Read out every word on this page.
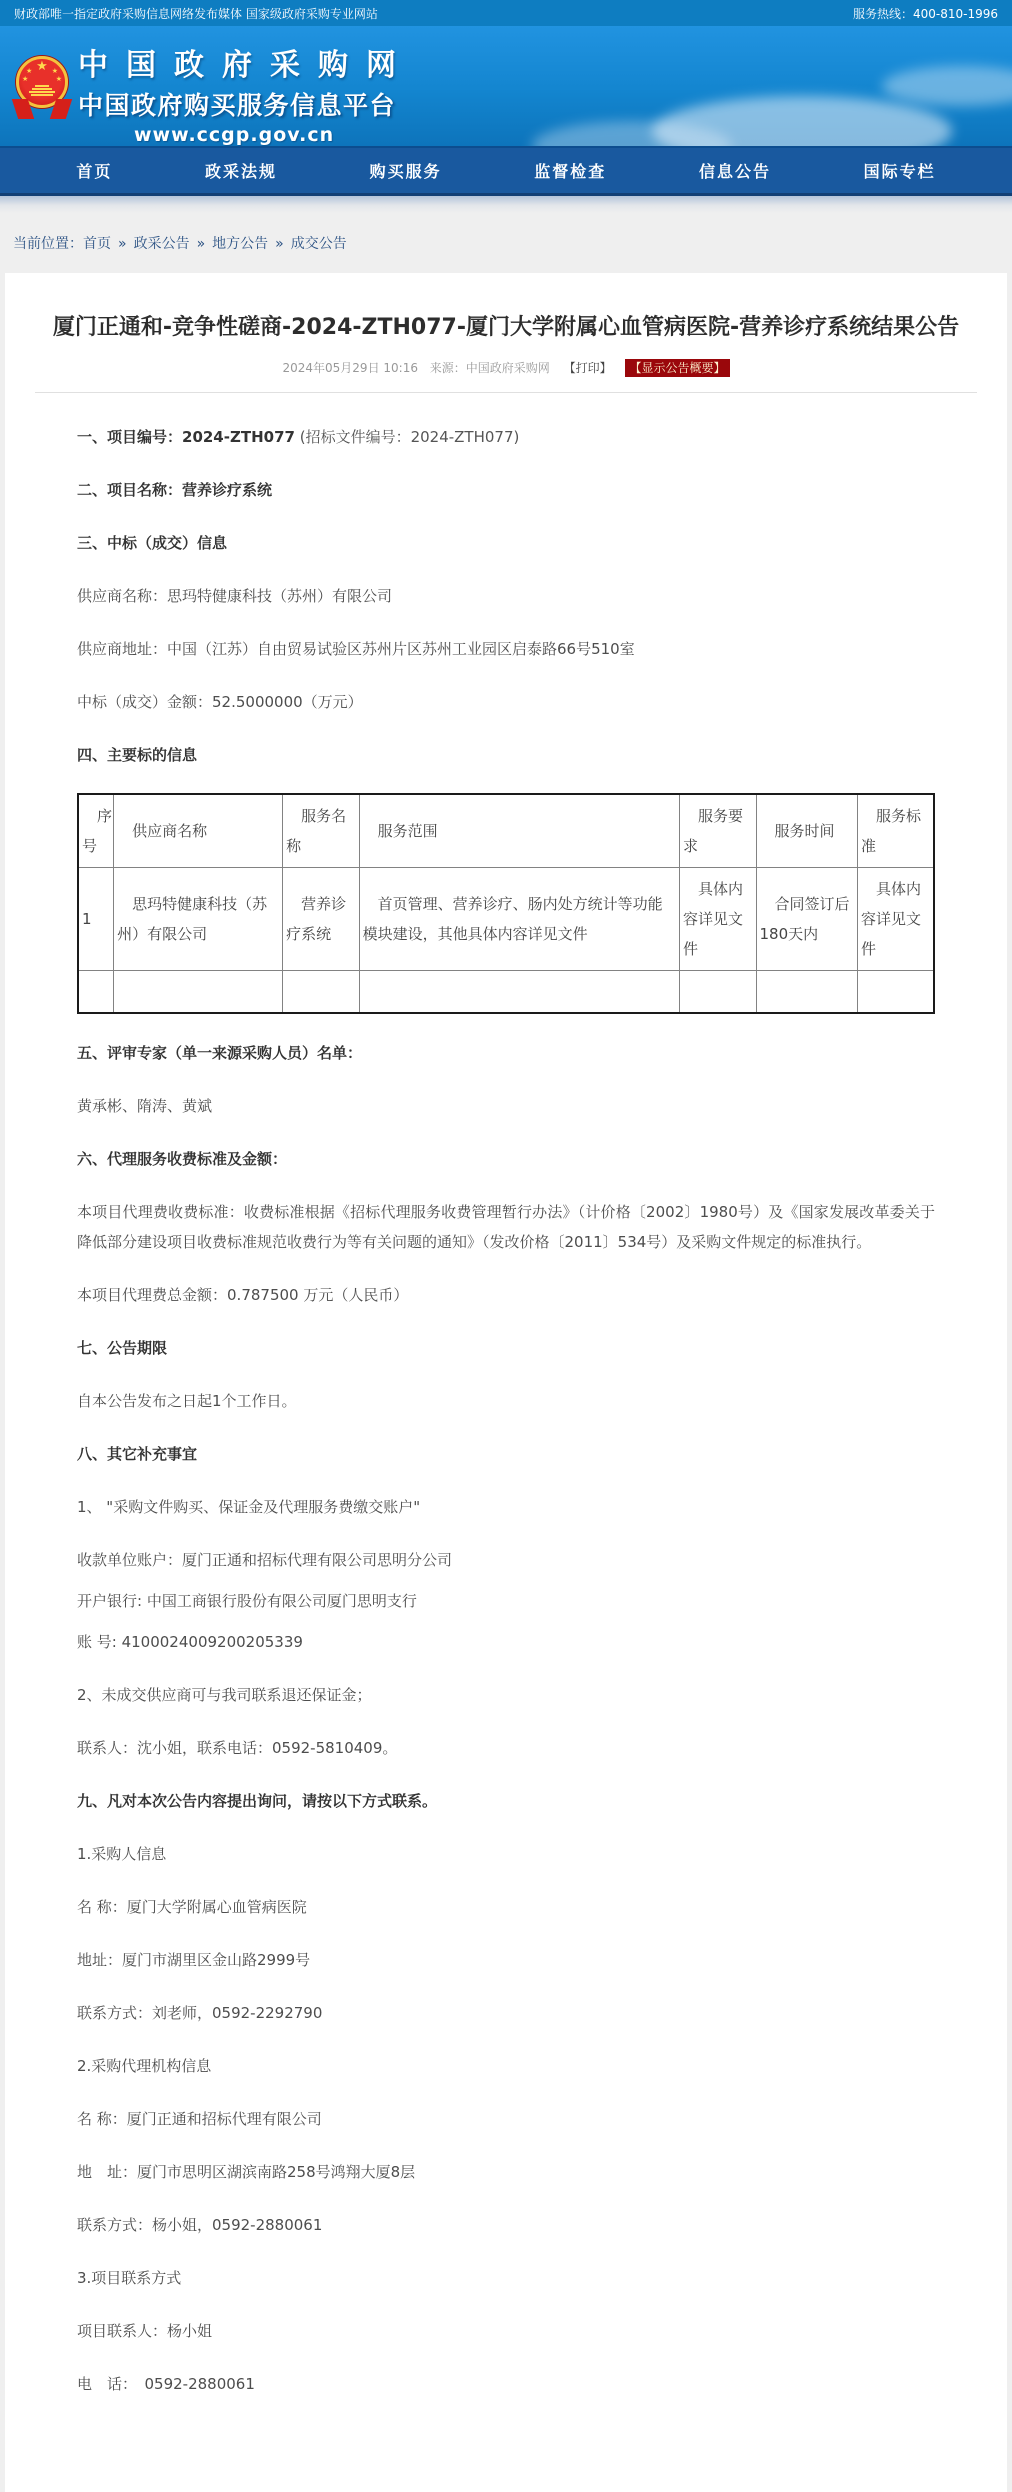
财政部唯一指定政府采购信息网络发布媒体 国家级政府采购专业网站	服务热线：400-810-1996
★
★	★
★	★ 中国政府采购网
中国政府购买服务信息平台
www.ccgp.gov.cn
首页	政采法规	购买服务	监督检查	信息公告	国际专栏
当前位置：首页 » 政采公告 » 地方公告 » 成交公告
厦门正通和-竞争性磋商-2024-ZTH077-厦门大学附属心血管病医院-营养诊疗系统结果公告
2024年05月29日 10:16 来源：中国政府采购网 【打印】 【显示公告概要】

一、项目编号：2024-ZTH077 (招标文件编号：2024-ZTH077)

二、项目名称：营养诊疗系统

三、中标（成交）信息

供应商名称：思玛特健康科技（苏州）有限公司

供应商地址：中国（江苏）自由贸易试验区苏州片区苏州工业园区启泰路66号510室

中标（成交）金额：52.5000000（万元）

四、主要标的信息

序号	供应商名称	服务名称	服务范围	服务要求	服务时间	服务标准
1	思玛特健康科技（苏州）有限公司	营养诊疗系统	首页管理、营养诊疗、肠内处方统计等功能模块建设，其他具体内容详见文件	具体内容详见文件	合同签订后180天内	具体内容详见文件

五、评审专家（单一来源采购人员）名单：

黄承彬、隋涛、黄斌

六、代理服务收费标准及金额：

本项目代理费收费标准：收费标准根据《招标代理服务收费管理暂行办法》（计价格〔2002〕1980号）及《国家发展改革委关于降低部分建设项目收费标准规范收费行为等有关问题的通知》（发改价格〔2011〕534号）及采购文件规定的标准执行。

本项目代理费总金额：0.787500 万元（人民币）

七、公告期限

自本公告发布之日起1个工作日。

八、其它补充事宜

1、 "采购文件购买、保证金及代理服务费缴交账户"

收款单位账户：厦门正通和招标代理有限公司思明分公司

开户银行: 中国工商银行股份有限公司厦门思明支行

账 号: 4100024009200205339

2、未成交供应商可与我司联系退还保证金；

联系人：沈小姐，联系电话：0592-5810409。

九、凡对本次公告内容提出询问，请按以下方式联系。

1.采购人信息

名 称：厦门大学附属心血管病医院

地址：厦门市湖里区金山路2999号

联系方式：刘老师，0592-2292790

2.采购代理机构信息

名 称：厦门正通和招标代理有限公司

地　址：厦门市思明区湖滨南路258号鸿翔大厦8层

联系方式：杨小姐，0592-2880061

3.项目联系方式

项目联系人：杨小姐

电　话：　0592-2880061
